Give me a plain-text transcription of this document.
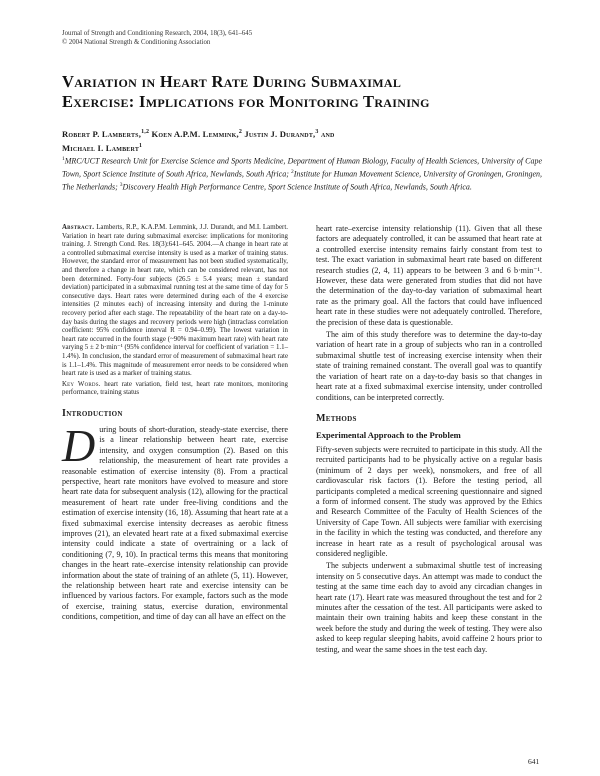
Journal of Strength and Conditioning Research, 2004, 18(3), 641–645
© 2004 National Strength & Conditioning Association
Variation in Heart Rate During Submaximal
Exercise: Implications for Monitoring Training
Robert P. Lamberts,$^{1,2}$ Koen A.P.M. Lemmink,$^2$ Justin J. Durandt,$^3$ and
Michael I. Lambert$^1$
$^1$MRC/UCT Research Unit for Exercise Science and Sports Medicine, Department of Human Biology, Faculty of Health Sciences, University of Cape Town, Sport Science Institute of South Africa, Newlands, South Africa; $^2$Institute for Human Movement Science, University of Groningen, Groningen, The Netherlands; $^3$Discovery Health High Performance Centre, Sport Science Institute of South Africa, Newlands, South Africa.
Abstract. Lamberts, R.P., K.A.P.M. Lemmink, J.J. Durandt, and M.I. Lambert. Variation in heart rate during submaximal exercise: implications for monitoring training. J. Strength Cond. Res. 18(3):641–645. 2004.—A change in heart rate at a controlled submaximal exercise intensity is used as a marker of training status. However, the standard error of measurement has not been studied systematically, and therefore a change in heart rate, which can be considered relevant, has not been determined. Forty-four subjects (26.5 ± 5.4 years; mean ± standard deviation) participated in a submaximal running test at the same time of day for 5 consecutive days. Heart rates were determined during each of the 4 exercise intensities (2 minutes each) of increasing intensity and during the 1-minute recovery period after each stage. The repeatability of the heart rate on a day-to-day basis during the stages and recovery periods were high (intraclass correlation coefficient: 95% confidence interval R = 0.94–0.99). The lowest variation in heart rate occurred in the fourth stage (~90% maximum heart rate) with heart rate varying 5 ± 2 b·min⁻¹ (95% confidence interval for coefficient of variation = 1.1–1.4%). In conclusion, the standard error of measurement of submaximal heart rate is 1.1–1.4%. This magnitude of measurement error needs to be considered when heart rate is used as a marker of training status.
Key Words. heart rate variation, field test, heart rate monitors, monitoring performance, training status
Introduction

During bouts of short-duration, steady-state exercise, there is a linear relationship between heart rate, exercise intensity, and oxygen consumption (2). Based on this relationship, the measurement of heart rate provides a reasonable estimation of exercise intensity (8). From a practical perspective, heart rate monitors have evolved to measure and store heart rate data for subsequent analysis (12), allowing for the practical measurement of heart rate under free-living conditions and the estimation of exercise intensity (16, 18). Assuming that heart rate at a fixed submaximal exercise intensity decreases as aerobic fitness improves (21), an elevated heart rate at a fixed submaximal exercise intensity could indicate a state of overtraining or a lack of conditioning (7, 9, 10). In practical terms this means that monitoring changes in the heart rate–exercise intensity relationship can provide information about the state of training of an athlete (5, 11). However, the relationship between heart rate and exercise intensity can be influenced by various factors. For example, factors such as the mode of exercise, training status, exercise duration, environmental conditions, competition, and time of day can all have an effect on the

heart rate–exercise intensity relationship (11). Given that all these factors are adequately controlled, it can be assumed that heart rate at a controlled exercise intensity remains fairly constant from test to test. The exact variation in submaximal heart rate based on different research studies (2, 4, 11) appears to be between 3 and 6 b·min⁻¹. However, these data were generated from studies that did not have the determination of the day-to-day variation of submaximal heart rate as the primary goal. All the factors that could have influenced heart rate in these studies were not adequately controlled. Therefore, the precision of these data is questionable.

The aim of this study therefore was to determine the day-to-day variation of heart rate in a group of subjects who ran in a controlled submaximal shuttle test of increasing exercise intensity when their state of training remained constant. The overall goal was to quantify the variation of heart rate on a day-to-day basis so that changes in heart rate at a fixed submaximal exercise intensity, under controlled conditions, can be interpreted correctly.

Methods
Experimental Approach to the Problem

Fifty-seven subjects were recruited to participate in this study. All the recruited participants had to be physically active on a regular basis (minimum of 2 days per week), nonsmokers, and free of all cardiovascular risk factors (1). Before the testing period, all participants completed a medical screening questionnaire and signed a form of informed consent. The study was approved by the Ethics and Research Committee of the Faculty of Health Sciences of the University of Cape Town. All subjects were familiar with exercising in the facility in which the testing was conducted, and therefore any increase in heart rate as a result of psychological arousal was considered negligible.

The subjects underwent a submaximal shuttle test of increasing intensity on 5 consecutive days. An attempt was made to conduct the testing at the same time each day to avoid any circadian changes in heart rate (17). Heart rate was measured throughout the test and for 2 minutes after the cessation of the test. All participants were asked to maintain their own training habits and keep these constant in the week before the study and during the week of testing. They were also asked to keep regular sleeping habits, avoid caffeine 2 hours prior to testing, and wear the same shoes in the test each day.

641
